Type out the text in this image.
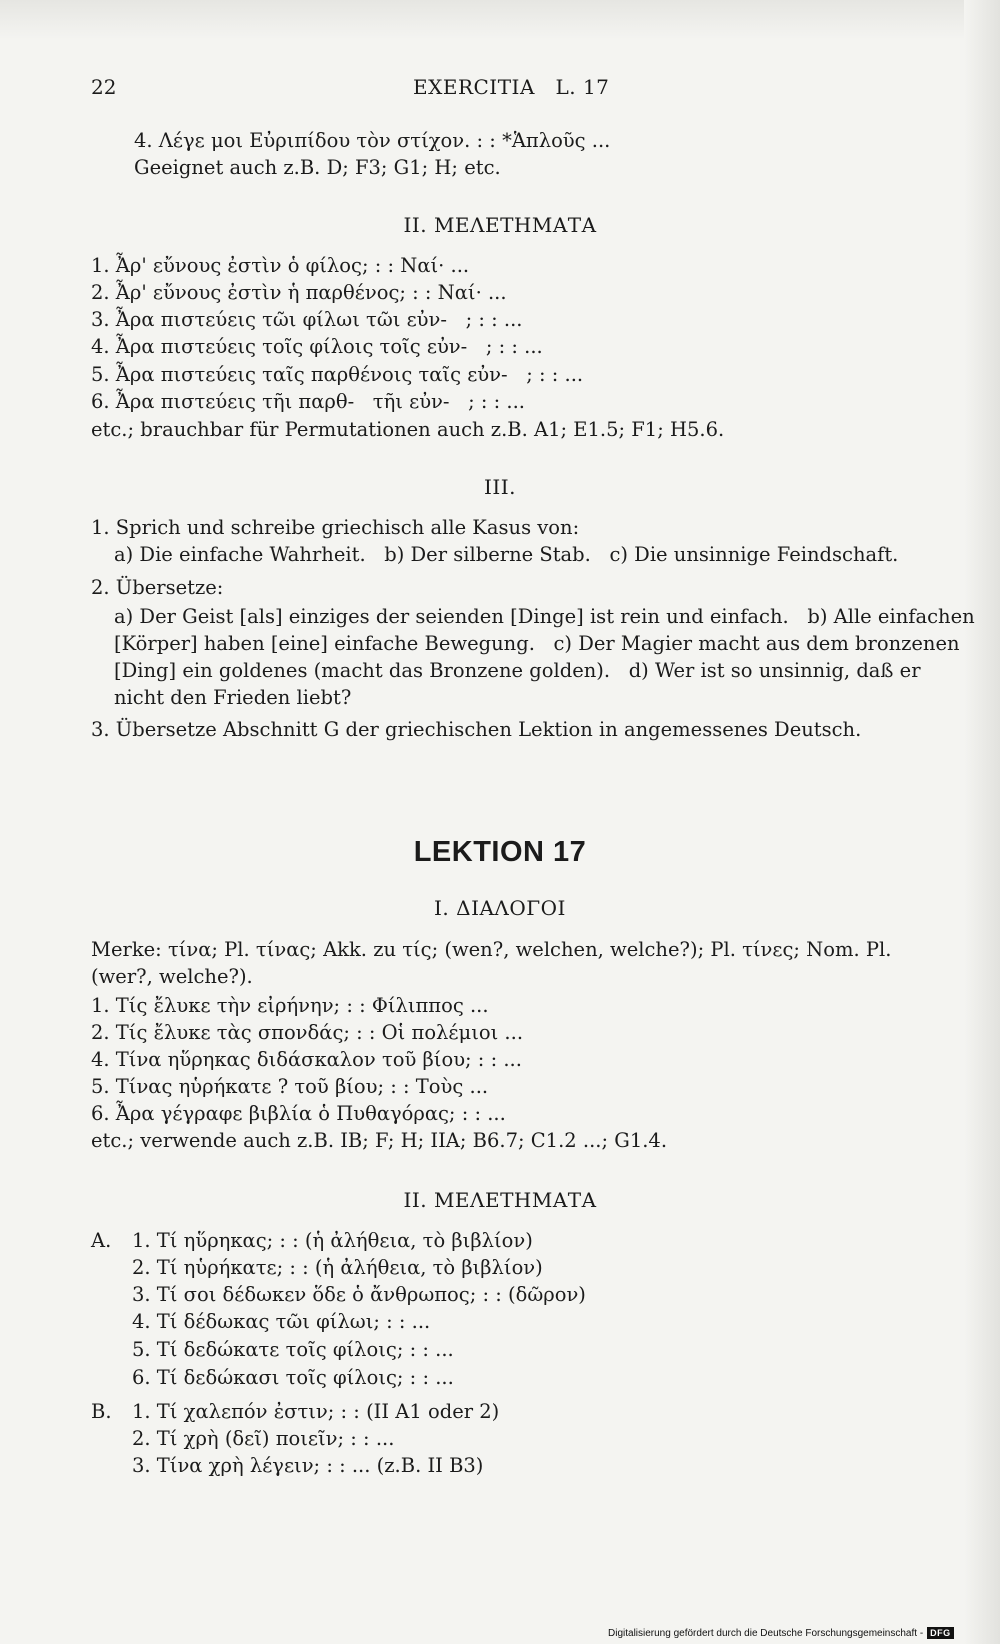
22	EXERCITIA   L. 17
4. Λέγε μοι Εὐριπίδου τὸν στίχον. : : *Ἁπλοῦς ...
Geeignet auch z.B. D; F3; G1; H; etc.
II. ΜΕΛΕΤΗΜΑΤΑ
1. Ἆρ' εὔνους ἐστὶν ὁ φίλος; : : Ναί· ...
2. Ἆρ' εὔνους ἐστὶν ἡ παρθένος; : : Ναί· ...
3. Ἆρα πιστεύεις τῶι φίλωι τῶι εὐν-   ; : : ...
4. Ἆρα πιστεύεις τοῖς φίλοις τοῖς εὐν-   ; : : ...
5. Ἆρα πιστεύεις ταῖς παρθένοις ταῖς εὐν-   ; : : ...
6. Ἆρα πιστεύεις τῆι παρθ-   τῆι εὐν-   ; : : ...
etc.; brauchbar für Permutationen auch z.B. A1; E1.5; F1; H5.6.
III.
1. Sprich und schreibe griechisch alle Kasus von:
a) Die einfache Wahrheit.   b) Der silberne Stab.   c) Die unsinnige Feindschaft.
2. Übersetze:
a) Der Geist [als] einziges der seienden [Dinge] ist rein und einfach.   b) Alle einfachen
[Körper] haben [eine] einfache Bewegung.   c) Der Magier macht aus dem bronzenen
[Ding] ein goldenes (macht das Bronzene golden).   d) Wer ist so unsinnig, daß er
nicht den Frieden liebt?
3. Übersetze Abschnitt G der griechischen Lektion in angemessenes Deutsch.
LEKTION 17
I. ΔΙΑΛΟΓΟΙ
Merke: τίνα; Pl. τίνας; Akk. zu τίς; (wen?, welchen, welche?); Pl. τίνες; Nom. Pl.
(wer?, welche?).
1. Τίς ἔλυκε τὴν εἰρήνην; : : Φίλιππος ...
2. Τίς ἔλυκε τὰς σπονδάς; : : Οἱ πολέμιοι ...
4. Τίνα ηὕρηκας διδάσκαλον τοῦ βίου; : : ...
5. Τίνας ηὑρήκατε ? τοῦ βίου; : : Τοὺς ...
6. Ἆρα γέγραφε βιβλία ὁ Πυθαγόρας; : : ...
etc.; verwende auch z.B. IB; F; H; IIA; B6.7; C1.2 ...; G1.4.
II. ΜΕΛΕΤΗΜΑΤΑ
A. 1. Τί ηὕρηκας; : : (ἡ ἀλήθεια, τὸ βιβλίον)
2. Τί ηὑρήκατε; : : (ἡ ἀλήθεια, τὸ βιβλίον)
3. Τί σοι δέδωκεν ὅδε ὁ ἄνθρωπος; : : (δῶρον)
4. Τί δέδωκας τῶι φίλωι; : : ...
5. Τί δεδώκατε τοῖς φίλοις; : : ...
6. Τί δεδώκασι τοῖς φίλοις; : : ...
B. 1. Τί χαλεπόν ἐστιν; : : (II A1 oder 2)
2. Τί χρὴ (δεῖ) ποιεῖν; : : ...
3. Τίνα χρὴ λέγειν; : : ... (z.B. II B3)
Digitalisierung gefördert durch die Deutsche Forschungsgemeinschaft - DFG
